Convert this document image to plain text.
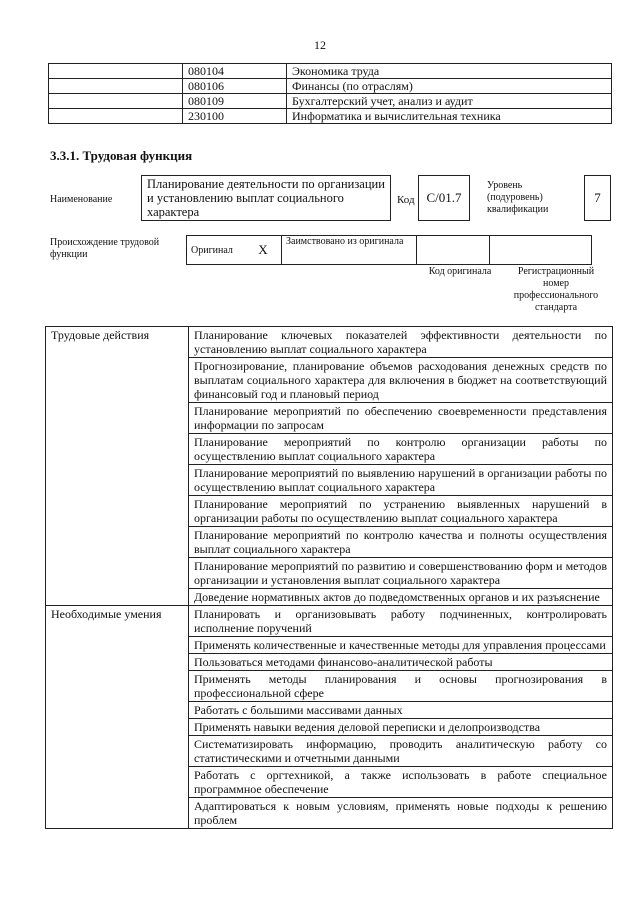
12
	080104	Экономика труда
	080106	Финансы (по отраслям)
	080109	Бухгалтерский учет, анализ и аудит
	230100	Информатика и вычислительная техника
3.3.1. Трудовая функция
Наименование
Планирование деятельности по организации и установлению выплат социального характера
Код C/01.7
Уровень (подуровень) квалификации
7
Происхождение трудовой функции	Оригинал	X	Заимствовано из оригинала		
Код оригинала	Регистрационный номер профессионального стандарта
Трудовые действия	Планирование ключевых показателей эффективности деятельности по установлению выплат социального характера
	Прогнозирование, планирование объемов расходования денежных средств по выплатам социального характера для включения в бюджет на соответствующий финансовый год и плановый период
	Планирование мероприятий по обеспечению своевременности представления информации по запросам
	Планирование мероприятий по контролю организации работы по осуществлению выплат социального характера
	Планирование мероприятий по выявлению нарушений в организации работы по осуществлению выплат социального характера
	Планирование мероприятий по устранению выявленных нарушений в организации работы по осуществлению выплат социального характера
	Планирование мероприятий по контролю качества и полноты осуществления выплат социального характера
	Планирование мероприятий по развитию и совершенствованию форм и методов организации и установления выплат социального характера
	Доведение нормативных актов до подведомственных органов и их разъяснение
Необходимые умения	Планировать и организовывать работу подчиненных, контролировать исполнение поручений
	Применять количественные и качественные методы для управления процессами
	Пользоваться методами финансово-аналитической работы
	Применять методы планирования и основы прогнозирования в профессиональной сфере
	Работать с большими массивами данных
	Применять навыки ведения деловой переписки и делопроизводства
	Систематизировать информацию, проводить аналитическую работу со статистическими и отчетными данными
	Работать с оргтехникой, а также использовать в работе специальное программное обеспечение
	Адаптироваться к новым условиям, применять новые подходы к решению проблем
